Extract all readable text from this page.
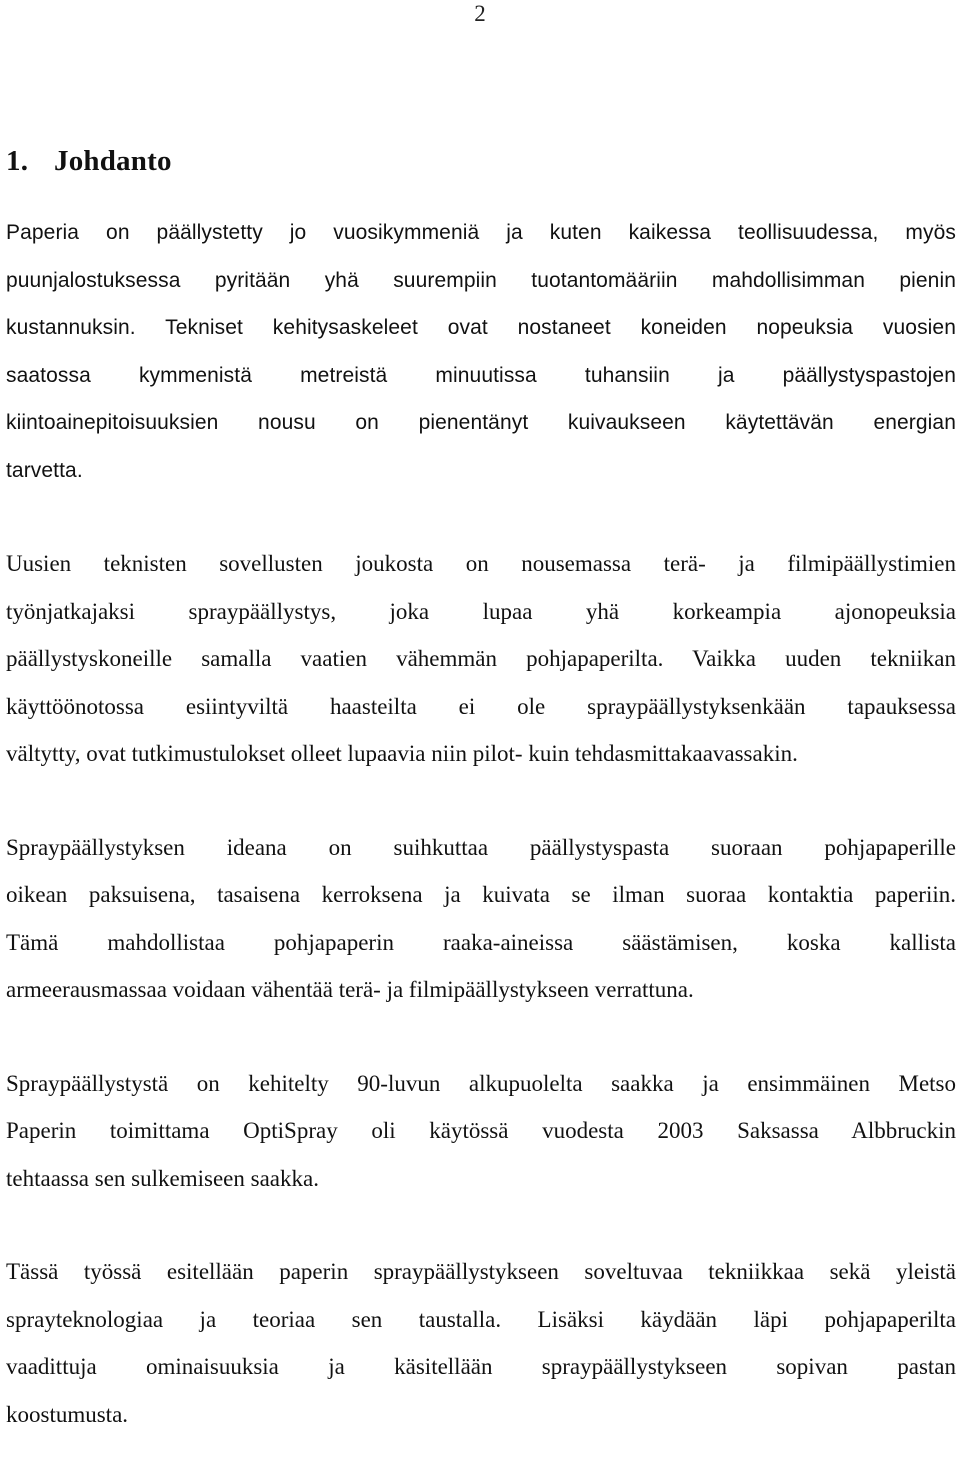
2
1. Johdanto

Paperia on päällystetty jo vuosikymmeniä ja kuten kaikessa teollisuudessa, myös
puunjalostuksessa pyritään yhä suurempiin tuotantomääriin mahdollisimman pienin
kustannuksin. Tekniset kehitysaskeleet ovat nostaneet koneiden nopeuksia vuosien
saatossa kymmenistä metreistä minuutissa tuhansiin ja päällystyspastojen
kiintoainepitoisuuksien nousu on pienentänyt kuivaukseen käytettävän energian
tarvetta.

Uusien teknisten sovellusten joukosta on nousemassa terä- ja filmipäällystimien
työnjatkajaksi spraypäällystys, joka lupaa yhä korkeampia ajonopeuksia
päällystyskoneille samalla vaatien vähemmän pohjapaperilta. Vaikka uuden tekniikan
käyttöönotossa esiintyviltä haasteilta ei ole spraypäällystyksenkään tapauksessa
vältytty, ovat tutkimustulokset olleet lupaavia niin pilot- kuin tehdasmittakaavassakin.

Spraypäällystyksen ideana on suihkuttaa päällystyspasta suoraan pohjapaperille
oikean paksuisena, tasaisena kerroksena ja kuivata se ilman suoraa kontaktia paperiin.
Tämä mahdollistaa pohjapaperin raaka-aineissa säästämisen, koska kallista
armeerausmassaa voidaan vähentää terä- ja filmipäällystykseen verrattuna.

Spraypäällystystä on kehitelty 90-luvun alkupuolelta saakka ja ensimmäinen Metso
Paperin toimittama OptiSpray oli käytössä vuodesta 2003 Saksassa Albbruckin
tehtaassa sen sulkemiseen saakka.

Tässä työssä esitellään paperin spraypäällystykseen soveltuvaa tekniikkaa sekä yleistä
sprayteknologiaa ja teoriaa sen taustalla. Lisäksi käydään läpi pohjapaperilta
vaadittuja ominaisuuksia ja käsitellään spraypäällystykseen sopivan pastan
koostumusta.
